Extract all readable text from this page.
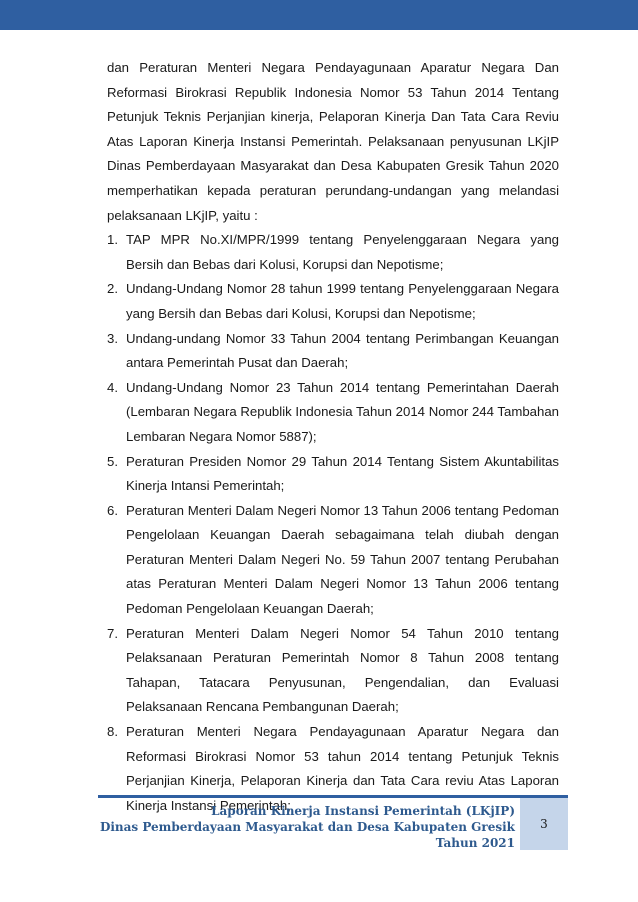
dan Peraturan Menteri Negara Pendayagunaan Aparatur Negara Dan Reformasi Birokrasi Republik Indonesia Nomor 53 Tahun 2014 Tentang Petunjuk Teknis Perjanjian kinerja, Pelaporan Kinerja Dan Tata Cara Reviu Atas Laporan Kinerja Instansi Pemerintah. Pelaksanaan penyusunan LKjIP Dinas Pemberdayaan Masyarakat dan Desa Kabupaten Gresik Tahun 2020 memperhatikan kepada peraturan perundang-undangan yang melandasi pelaksanaan LKjIP, yaitu :

1. TAP MPR No.XI/MPR/1999 tentang Penyelenggaraan Negara yang Bersih dan Bebas dari Kolusi, Korupsi dan Nepotisme;
2. Undang-Undang Nomor 28 tahun 1999 tentang Penyelenggaraan Negara yang Bersih dan Bebas dari Kolusi, Korupsi dan Nepotisme;
3. Undang-undang Nomor 33 Tahun 2004 tentang Perimbangan Keuangan antara Pemerintah Pusat dan Daerah;
4. Undang-Undang Nomor 23 Tahun 2014 tentang Pemerintahan Daerah (Lembaran Negara Republik Indonesia Tahun 2014 Nomor 244 Tambahan Lembaran Negara Nomor 5887);
5. Peraturan Presiden Nomor 29 Tahun 2014 Tentang Sistem Akuntabilitas Kinerja Intansi Pemerintah;
6. Peraturan Menteri Dalam Negeri Nomor 13 Tahun 2006 tentang Pedoman Pengelolaan Keuangan Daerah sebagaimana telah diubah dengan Peraturan Menteri Dalam Negeri No. 59 Tahun 2007 tentang Perubahan atas Peraturan Menteri Dalam Negeri Nomor 13 Tahun 2006 tentang Pedoman Pengelolaan Keuangan Daerah;
7. Peraturan Menteri Dalam Negeri Nomor 54 Tahun 2010 tentang Pelaksanaan Peraturan Pemerintah Nomor 8 Tahun 2008 tentang Tahapan, Tatacara Penyusunan, Pengendalian, dan Evaluasi Pelaksanaan Rencana Pembangunan Daerah;
8. Peraturan Menteri Negara Pendayagunaan Aparatur Negara dan Reformasi Birokrasi Nomor 53 tahun 2014 tentang Petunjuk Teknis Perjanjian Kinerja, Pelaporan Kinerja dan Tata Cara reviu Atas Laporan Kinerja Instansi Pemerintah;
Laporan Kinerja Instansi Pemerintah (LKjIP)
Dinas Pemberdayaan Masyarakat dan Desa Kabupaten Gresik
Tahun 2021
3
